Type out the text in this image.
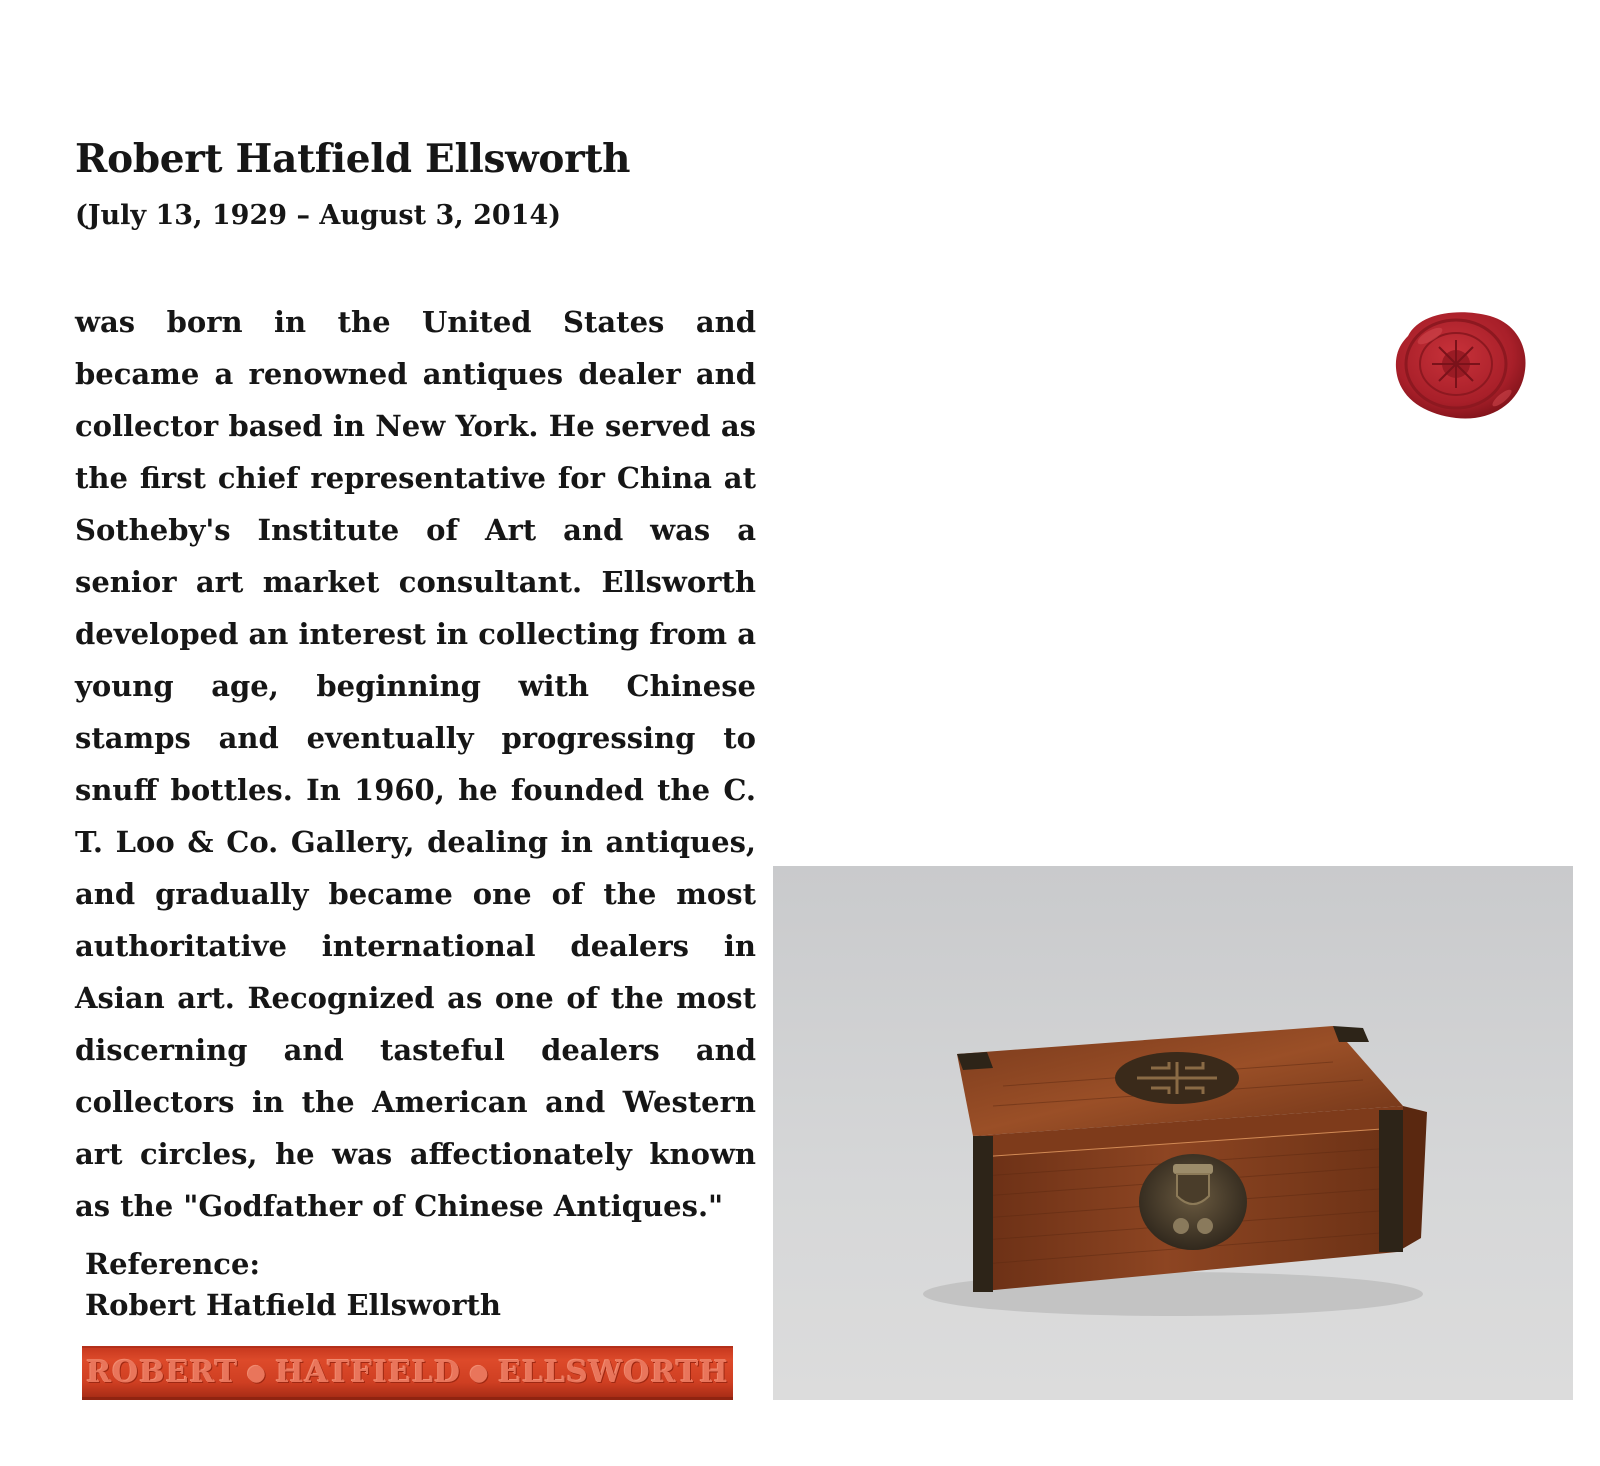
Robert Hatfield Ellsworth
(July 13, 1929 – August 3, 2014)

was born in the United States and became a renowned antiques dealer and collector based in New York. He served as the first chief representative for China at Sotheby's Institute of Art and was a senior art market consultant. Ellsworth developed an interest in collecting from a young age, beginning with Chinese stamps and eventually progressing to snuff bottles. In 1960, he founded the C. T. Loo & Co. Gallery, dealing in antiques, and gradually became one of the most authoritative international dealers in Asian art. Recognized as one of the most discerning and tasteful dealers and collectors in the American and Western art circles, he was affectionately known as the "Godfather of Chinese Antiques."

Reference:
Robert Hatfield Ellsworth
ROBERT ● HATFIELD ● ELLSWORTH
